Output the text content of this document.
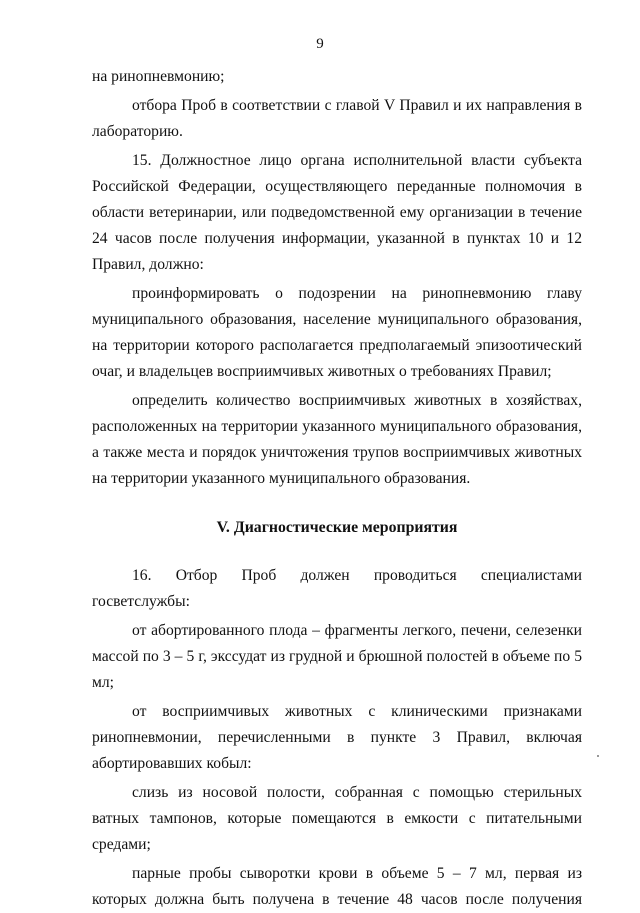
9

на ринопневмонию;

отбора Проб в соответствии с главой V Правил и их направления в лабораторию.

15. Должностное лицо органа исполнительной власти субъекта Российской Федерации, осуществляющего переданные полномочия в области ветеринарии, или подведомственной ему организации в течение 24 часов после получения информации, указанной в пунктах 10 и 12 Правил, должно:

проинформировать о подозрении на ринопневмонию главу муниципального образования, население муниципального образования, на территории которого располагается предполагаемый эпизоотический очаг, и владельцев восприимчивых животных о требованиях Правил;

определить количество восприимчивых животных в хозяйствах, расположенных на территории указанного муниципального образования, а также места и порядок уничтожения трупов восприимчивых животных на территории указанного муниципального образования.

V. Диагностические мероприятия

16. Отбор Проб должен проводиться специалистами госветслужбы:

от абортированного плода – фрагменты легкого, печени, селезенки массой по 3 – 5 г, экссудат из грудной и брюшной полостей в объеме по 5 мл;

от восприимчивых животных с клиническими признаками ринопневмонии, перечисленными в пункте 3 Правил, включая абортировавших кобыл:

слизь из носовой полости, собранная с помощью стерильных ватных тампонов, которые помещаются в емкости с питательными средами;

парные пробы сыворотки крови в объеме 5 – 7 мл, первая из которых должна быть получена в течение 48 часов после получения
